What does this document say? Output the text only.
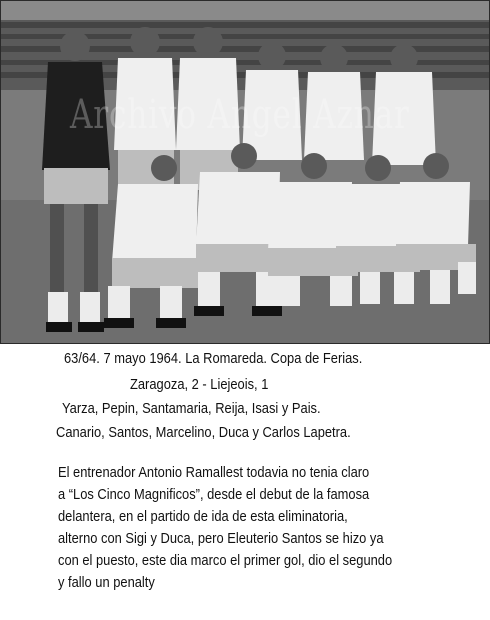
Archivo Angel Aznar
63/64. 7 mayo 1964. La Romareda. Copa de Ferias.
Zaragoza, 2 - Liejeois, 1
Yarza, Pepin, Santamaria, Reija, Isasi y Pais.
Canario, Santos, Marcelino, Duca y Carlos Lapetra.
El entrenador Antonio Ramallest todavia no tenia claro
a “Los Cinco Magnificos”, desde el debut de la famosa
delantera, en el partido de ida de esta eliminatoria,
alterno con Sigi y Duca, pero Eleuterio Santos se hizo ya
con el puesto, este dia marco el primer gol, dio el segundo
y fallo un penalty
